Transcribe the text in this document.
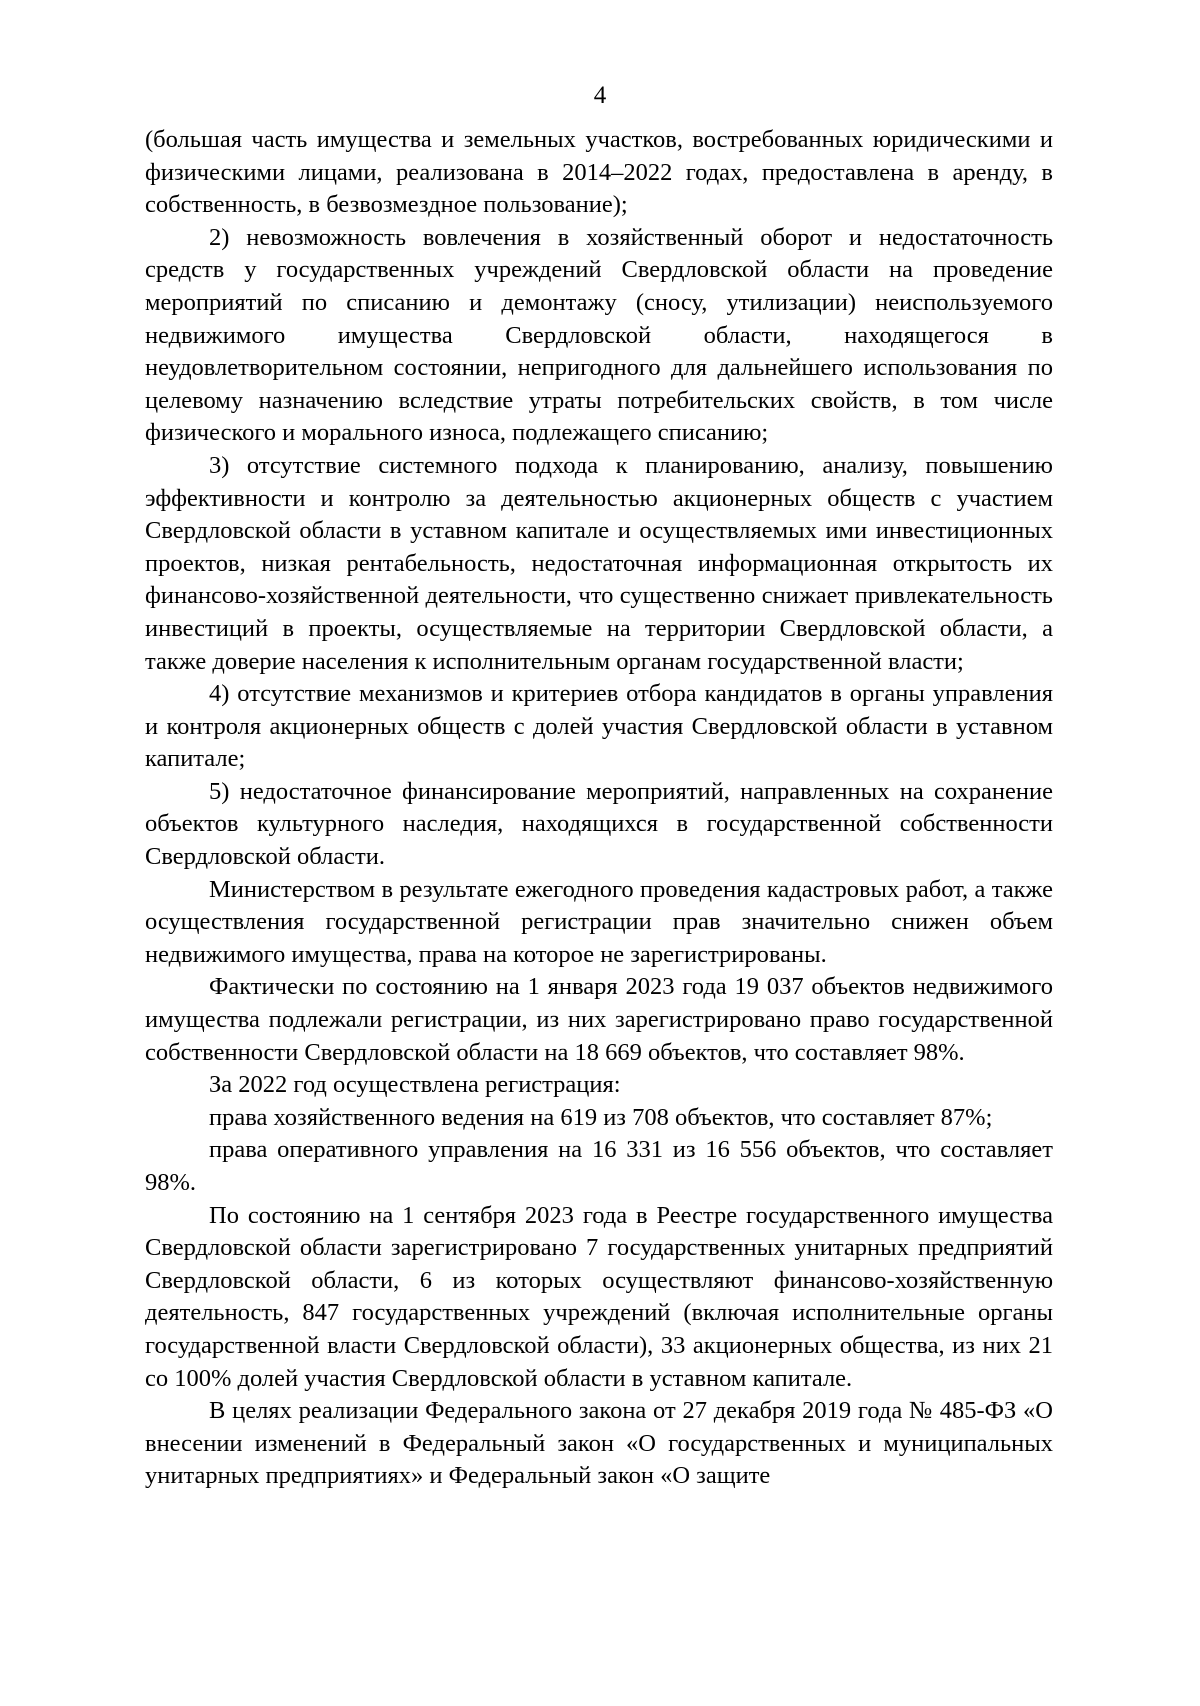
4

(большая часть имущества и земельных участков, востребованных юридическими и физическими лицами, реализована в 2014–2022 годах, предоставлена в аренду, в собственность, в безвозмездное пользование);

2) невозможность вовлечения в хозяйственный оборот и недостаточность средств у государственных учреждений Свердловской области на проведение мероприятий по списанию и демонтажу (сносу, утилизации) неиспользуемого недвижимого имущества Свердловской области, находящегося в неудовлетворительном состоянии, непригодного для дальнейшего использования по целевому назначению вследствие утраты потребительских свойств, в том числе физического и морального износа, подлежащего списанию;

3) отсутствие системного подхода к планированию, анализу, повышению эффективности и контролю за деятельностью акционерных обществ с участием Свердловской области в уставном капитале и осуществляемых ими инвестиционных проектов, низкая рентабельность, недостаточная информационная открытость их финансово-хозяйственной деятельности, что существенно снижает привлекательность инвестиций в проекты, осуществляемые на территории Свердловской области, а также доверие населения к исполнительным органам государственной власти;

4) отсутствие механизмов и критериев отбора кандидатов в органы управления и контроля акционерных обществ с долей участия Свердловской области в уставном капитале;

5) недостаточное финансирование мероприятий, направленных на сохранение объектов культурного наследия, находящихся в государственной собственности Свердловской области.

Министерством в результате ежегодного проведения кадастровых работ, а также осуществления государственной регистрации прав значительно снижен объем недвижимого имущества, права на которое не зарегистрированы.

Фактически по состоянию на 1 января 2023 года 19 037 объектов недвижимого имущества подлежали регистрации, из них зарегистрировано право государственной собственности Свердловской области на 18 669 объектов, что составляет 98%.

За 2022 год осуществлена регистрация:

права хозяйственного ведения на 619 из 708 объектов, что составляет 87%;

права оперативного управления на 16 331 из 16 556 объектов, что составляет 98%.

По состоянию на 1 сентября 2023 года в Реестре государственного имущества Свердловской области зарегистрировано 7 государственных унитарных предприятий Свердловской области, 6 из которых осуществляют финансово-хозяйственную деятельность, 847 государственных учреждений (включая исполнительные органы государственной власти Свердловской области), 33 акционерных общества, из них 21 со 100% долей участия Свердловской области в уставном капитале.

В целях реализации Федерального закона от 27 декабря 2019 года № 485-ФЗ «О внесении изменений в Федеральный закон «О государственных и муниципальных унитарных предприятиях» и Федеральный закон «О защите
